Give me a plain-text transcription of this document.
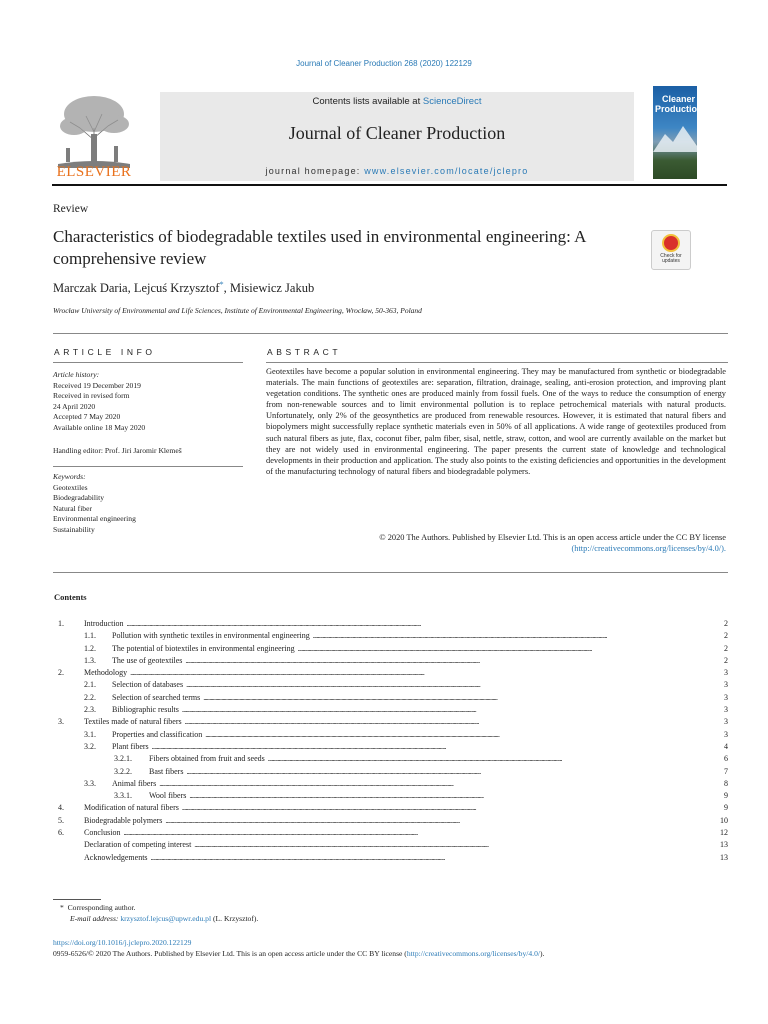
Journal of Cleaner Production 268 (2020) 122129
ELSEVIER
Contents lists available at ScienceDirect
Journal of Cleaner Production
journal homepage: www.elsevier.com/locate/jclepro
Cleaner
Production
Review
Characteristics of biodegradable textiles used in environmental engineering: A comprehensive review	Check for updates
Marczak Daria, Lejcuś Krzysztof*, Misiewicz Jakub
Wrocław University of Environmental and Life Sciences, Institute of Environmental Engineering, Wrocław, 50-363, Poland
ARTICLE INFO	ABSTRACT
Article history:
Received 19 December 2019
Received in revised form
24 April 2020
Accepted 7 May 2020
Available online 18 May 2020
Handling editor: Prof. Jiri Jaromir Klemeš
Keywords:
Geotextiles
Biodegradability
Natural fiber
Environmental engineering
Sustainability
Geotextiles have become a popular solution in environmental engineering. They may be manufactured from synthetic or biodegradable materials. The main functions of geotextiles are: separation, filtration, drainage, sealing, anti-erosion protection, and improving plant vegetation conditions. The synthetic ones are produced mainly from fossil fuels. One of the ways to reduce the consumption of energy from non-renewable sources and to limit environmental pollution is to replace petrochemical materials with natural products. Unfortunately, only 2% of the geosynthetics are produced from renewable resources. However, it is estimated that natural fibers and biopolymers might successfully replace synthetic materials even in 50% of all applications. A wide range of geotextiles produced from such natural fibers as jute, flax, coconut fiber, palm fiber, sisal, nettle, straw, cotton, and wool are currently available on the market but they are not widely used in environmental engineering. The paper presents the current state of knowledge and technological developments in their production and application. The study also points to the existing deficiencies and opportunities in the development of the manufacturing technology of natural fibers and biodegradable polymers.
© 2020 The Authors. Published by Elsevier Ltd. This is an open access article under the CC BY license
(http://creativecommons.org/licenses/by/4.0/).
Contents
1.	Introduction . . .	2
1.1.	Pollution with synthetic textiles in environmental engineering . . .	2
1.2.	The potential of biotextiles in environmental engineering . . .	2
1.3.	The use of geotextiles . . .	2
2.	Methodology . . .	3
2.1.	Selection of databases . . .	3
2.2.	Selection of searched terms . . .	3
2.3.	Bibliographic results . . .	3
3.	Textiles made of natural fibers . . .	3
3.1.	Properties and classification . . .	3
3.2.	Plant fibers . . .	4
3.2.1.	Fibers obtained from fruit and seeds . . .	6
3.2.2.	Bast fibers . . .	7
3.3.	Animal fibers . . .	8
3.3.1.	Wool fibers . . .	9
4.	Modification of natural fibers . . .	9
5.	Biodegradable polymers . . .	10
6.	Conclusion . . .	12
Declaration of competing interest . . .	13
Acknowledgements . . .	13
* Corresponding author.
E-mail address: krzysztof.lejcus@upwr.edu.pl (L. Krzysztof).
https://doi.org/10.1016/j.jclepro.2020.122129
0959-6526/© 2020 The Authors. Published by Elsevier Ltd. This is an open access article under the CC BY license (http://creativecommons.org/licenses/by/4.0/).
